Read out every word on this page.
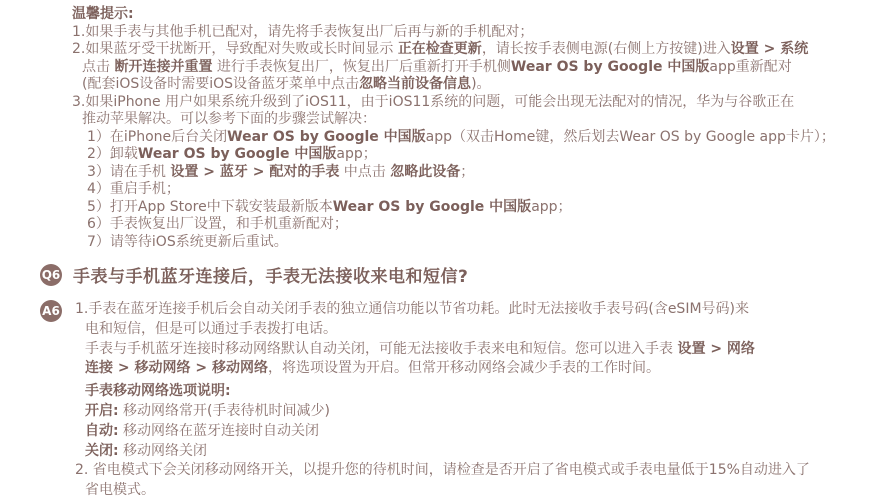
温馨提示:
1.如果手表与其他手机已配对，请先将手表恢复出厂后再与新的手机配对；
2.如果蓝牙受干扰断开，导致配对失败或长时间显示 正在检查更新，请长按手表侧电源(右侧上方按键)进入设置 > 系统
点击 断开连接并重置 进行手表恢复出厂，恢复出厂后重新打开手机侧Wear OS by Google 中国版app重新配对
(配套iOS设备时需要iOS设备蓝牙菜单中点击忽略当前设备信息)。
3.如果iPhone 用户如果系统升级到了iOS11，由于iOS11系统的问题，可能会出现无法配对的情况，华为与谷歌正在
推动苹果解决。可以参考下面的步骤尝试解决：
1）在iPhone后台关闭Wear OS by Google 中国版app（双击Home键，然后划去Wear OS by Google app卡片）；
2）卸载Wear OS by Google 中国版app；
3）请在手机 设置 > 蓝牙 > 配对的手表 中点击 忽略此设备；
4）重启手机；
5）打开App Store中下载安装最新版本Wear OS by Google 中国版app；
6）手表恢复出厂设置，和手机重新配对；
7）请等待iOS系统更新后重试。
Q6 手表与手机蓝牙连接后，手表无法接收来电和短信?
A6 1.手表在蓝牙连接手机后会自动关闭手表的独立通信功能以节省功耗。此时无法接收手表号码(含eSIM号码)来
电和短信，但是可以通过手表拨打电话。
手表与手机蓝牙连接时移动网络默认自动关闭，可能无法接收手表来电和短信。您可以进入手表 设置 > 网络
连接 > 移动网络 > 移动网络，将选项设置为开启。但常开移动网络会减少手表的工作时间。
手表移动网络选项说明:
开启: 移动网络常开(手表待机时间减少)
自动: 移动网络在蓝牙连接时自动关闭
关闭: 移动网络关闭
2. 省电模式下会关闭移动网络开关，以提升您的待机时间，请检查是否开启了省电模式或手表电量低于15%自动进入了
省电模式。
